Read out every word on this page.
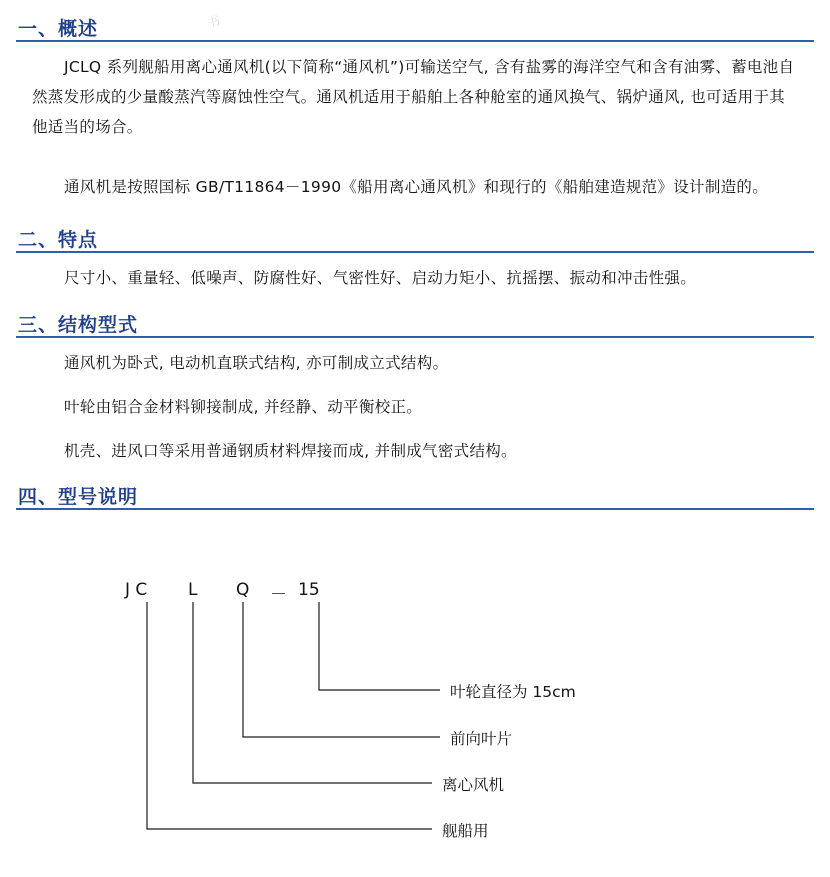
书
一、概述
JCLQ 系列舰船用离心通风机(以下简称“通风机”)可输送空气, 含有盐雾的海洋空气和含有油雾、蓄电池自然蒸发形成的少量酸蒸汽等腐蚀性空气。通风机适用于船舶上各种舱室的通风换气、锅炉通风, 也可适用于其他适当的场合。
通风机是按照国标 GB/T11864－1990《船用离心通风机》和现行的《船舶建造规范》设计制造的。
二、特点
尺寸小、重量轻、低噪声、防腐性好、气密性好、启动力矩小、抗摇摆、振动和冲击性强。
三、结构型式
通风机为卧式, 电动机直联式结构, 亦可制成立式结构。
叶轮由铝合金材料铆接制成, 并经静、动平衡校正。
机壳、进风口等采用普通钢质材料焊接而成, 并制成气密式结构。
四、型号说明
J C L Q － 15
叶轮直径为 15cm
前向叶片
离心风机
舰船用
